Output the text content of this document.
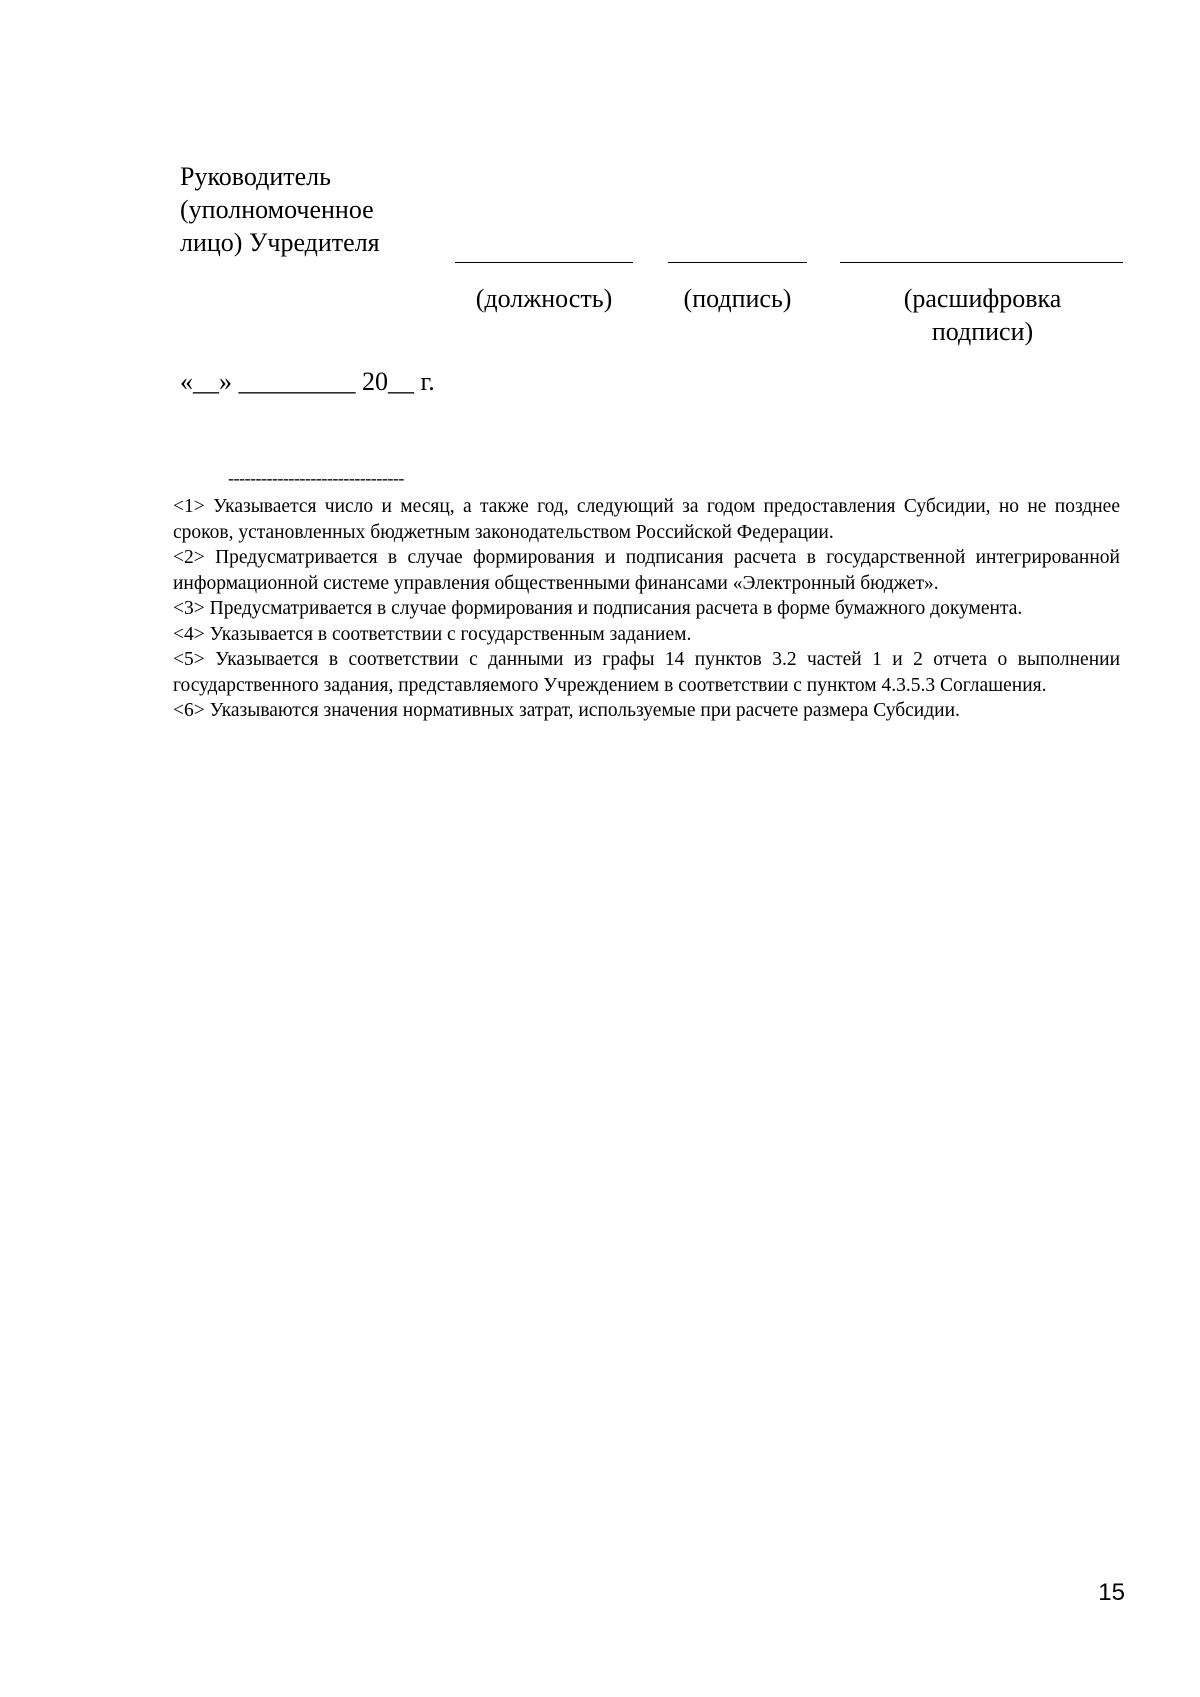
Руководитель (уполномоченное лицо) Учредителя
(должность)	(подпись)	(расшифровка подписи)
«__» _________ 20__ г.
--------------------------------

<1> Указывается число и месяц, а также год, следующий за годом предоставления Субсидии, но не позднее сроков, установленных бюджетным законодательством Российской Федерации.

<2> Предусматривается в случае формирования и подписания расчета в государственной интегрированной информационной системе управления общественными финансами «Электронный бюджет».

<3> Предусматривается в случае формирования и подписания расчета в форме бумажного документа.

<4> Указывается в соответствии с государственным заданием.

<5> Указывается в соответствии с данными из графы 14 пунктов 3.2 частей 1 и 2 отчета о выполнении государственного задания, представляемого Учреждением в соответствии с пунктом 4.3.5.3 Соглашения.

<6> Указываются значения нормативных затрат, используемые при расчете размера Субсидии.

15
